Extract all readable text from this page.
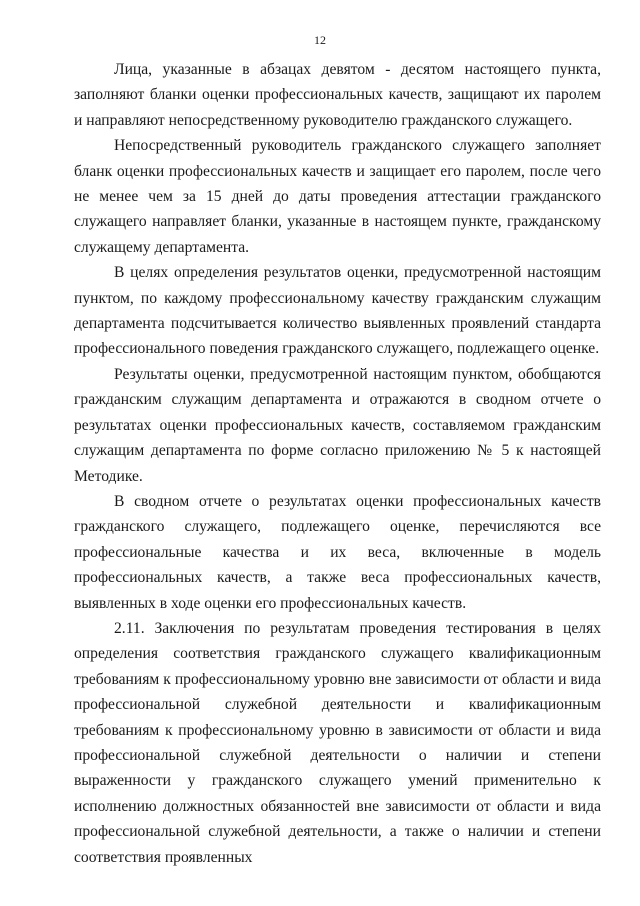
12

Лица, указанные в абзацах девятом - десятом настоящего пункта, заполняют бланки оценки профессиональных качеств, защищают их паролем и направляют непосредственному руководителю гражданского служащего.

Непосредственный руководитель гражданского служащего заполняет бланк оценки профессиональных качеств и защищает его паролем, после чего не менее чем за 15 дней до даты проведения аттестации гражданского служащего направляет бланки, указанные в настоящем пункте, гражданскому служащему департамента.

В целях определения результатов оценки, предусмотренной настоящим пунктом, по каждому профессиональному качеству гражданским служащим департамента подсчитывается количество выявленных проявлений стандарта профессионального поведения гражданского служащего, подлежащего оценке.

Результаты оценки, предусмотренной настоящим пунктом, обобщаются гражданским служащим департамента и отражаются в сводном отчете о результатах оценки профессиональных качеств, составляемом гражданским служащим департамента по форме согласно приложению № 5 к настоящей Методике.

В сводном отчете о результатах оценки профессиональных качеств гражданского служащего, подлежащего оценке, перечисляются все профессиональные качества и их веса, включенные в модель профессиональных качеств, а также веса профессиональных качеств, выявленных в ходе оценки его профессиональных качеств.

2.11. Заключения по результатам проведения тестирования в целях определения соответствия гражданского служащего квалификационным требованиям к профессиональному уровню вне зависимости от области и вида профессиональной служебной деятельности и квалификационным требованиям к профессиональному уровню в зависимости от области и вида профессиональной служебной деятельности о наличии и степени выраженности у гражданского служащего умений применительно к исполнению должностных обязанностей вне зависимости от области и вида профессиональной служебной деятельности, а также о наличии и степени соответствия проявленных
